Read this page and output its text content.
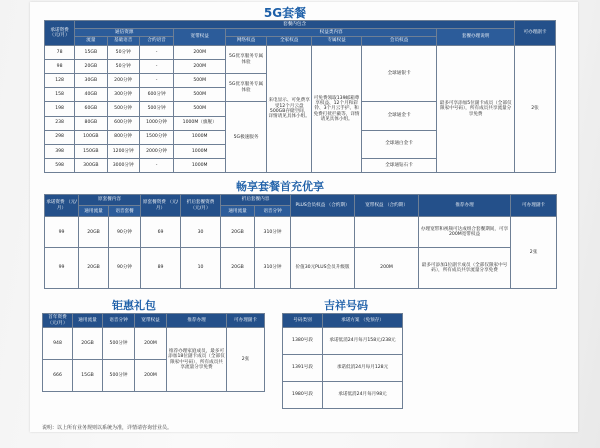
5G套餐
承诺资费 （元/月）	套餐内包含									可办理副卡
	通信资源			宽带权益	权益类内容				套餐办理说明	
	流量	基础语音	合约语音		网络权益	全家权益	专属权益	会员权益		
78	15GB	50分钟	-	200M	5G优享服务专属体验	来电显示、可免费享受12个月云盘500GB存储空间，详情请见具体小组。	可免费领取139邮箱尊享权益、12个月和彩铃、3个月云手护、和免费打扰拦截等，详情请见具体小组。	全球通银卡	最多可享添加5位副卡成员（全部仅限家中号码），所有成员共享流量分享免费	2张
98	20GB	50分钟	-	200M						
128	30GB	200分钟	-	500M	5G优享服务专属体验					
158	40GB	300分钟	600分钟	500M						
198	60GB	500分钟	500分钟	500M	5G极速服务			全球通金卡		
238	80GB	600分钟	1000分钟	1000M（旗舰）						
298	100GB	800分钟	1500分钟	1000M				全球通白金卡		
398	150GB	1200分钟	2000分钟	1000M						
598	300GB	3000分钟	-	1000M				全球通钻石卡		
畅享套餐首充优享
承诺资费 （元/月）	原套餐内容		原套餐资费 （元/月）	折后套餐资费 （元/月）	折后套餐内容		PLUS会员权益 （合约期）	宽带权益 （合约期）	推荐办理	可办理副卡
	通用流量	语音套餐			通用流量	语音分钟				
99	20GB	90分钟	69	30	20GB	310分钟			办理宽带和视频可达成组合套餐期间，可享200M宽带权益	2张
99	20GB	90分钟	89	10	20GB	310分钟	价值30元PLUS会员升级版	200M	最多可添加1位副卡成员（全部仅限家中号码），所有成员共享流量分享免费	
钜惠礼包
首年资费 （元/月）	通用流量	语音分钟	宽带权益	推荐办理	可办理副卡
948	20GB	500分钟	200M	推荐办理家庭成员，最多可添加18位副卡成员（全部仅限家中号码），所有成员共享流量分享免费	2张
666	15GB	500分钟	200M		
吉祥号码
号码类别	承诺方案 （免预存）
1380号段	承诺低消24月每月158元/238元
1391号段	承诺低消24月每月128元
1980号段	承诺低消24月每月98元
说明：以上所有业务规则以系统为准，详情请咨询营业员。
